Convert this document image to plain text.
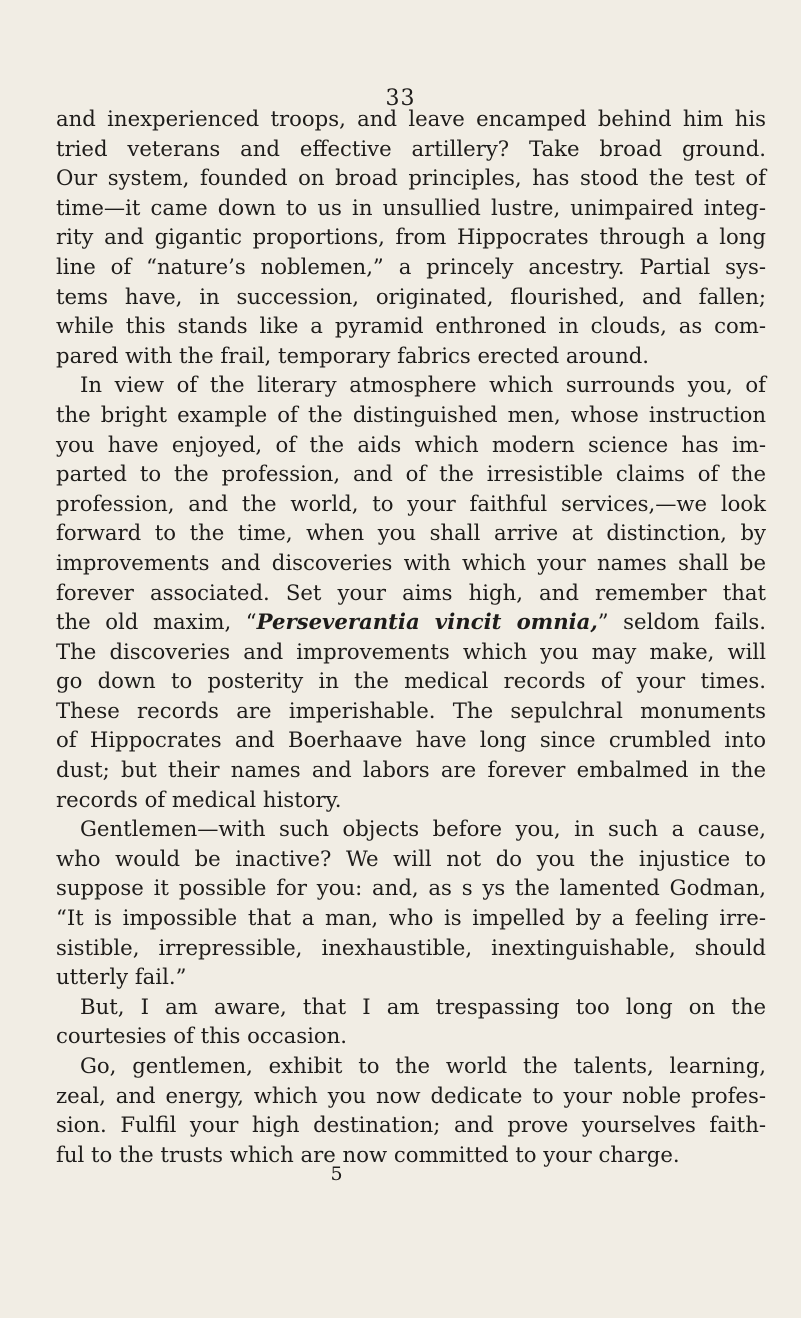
33
and inexperienced troops, and leave encamped behind him his
tried veterans and effective artillery? Take broad ground.
Our system, founded on broad principles, has stood the test of
time—it came down to us in unsullied lustre, unimpaired integ-
rity and gigantic proportions, from Hippocrates through a long
line of “nature’s noblemen,” a princely ancestry. Partial sys-
tems have, in succession, originated, flourished, and fallen;
while this stands like a pyramid enthroned in clouds, as com-
pared with the frail, temporary fabrics erected around.
In view of the literary atmosphere which surrounds you, of
the bright example of the distinguished men, whose instruction
you have enjoyed, of the aids which modern science has im-
parted to the profession, and of the irresistible claims of the
profession, and the world, to your faithful services,—we look
forward to the time, when you shall arrive at distinction, by
improvements and discoveries with which your names shall be
forever associated. Set your aims high, and remember that
the old maxim, “Perseverantia vincit omnia,” seldom fails.
The discoveries and improvements which you may make, will
go down to posterity in the medical records of your times.
These records are imperishable. The sepulchral monuments
of Hippocrates and Boerhaave have long since crumbled into
dust; but their names and labors are forever embalmed in the
records of medical history.
Gentlemen—with such objects before you, in such a cause,
who would be inactive? We will not do you the injustice to
suppose it possible for you: and, as s ys the lamented Godman,
“It is impossible that a man, who is impelled by a feeling irre-
sistible, irrepressible, inexhaustible, inextinguishable, should
utterly fail.”
But, I am aware, that I am trespassing too long on the
courtesies of this occasion.
Go, gentlemen, exhibit to the world the talents, learning,
zeal, and energy, which you now dedicate to your noble profes-
sion. Fulfil your high destination; and prove yourselves faith-
ful to the trusts which are now committed to your charge.
5
